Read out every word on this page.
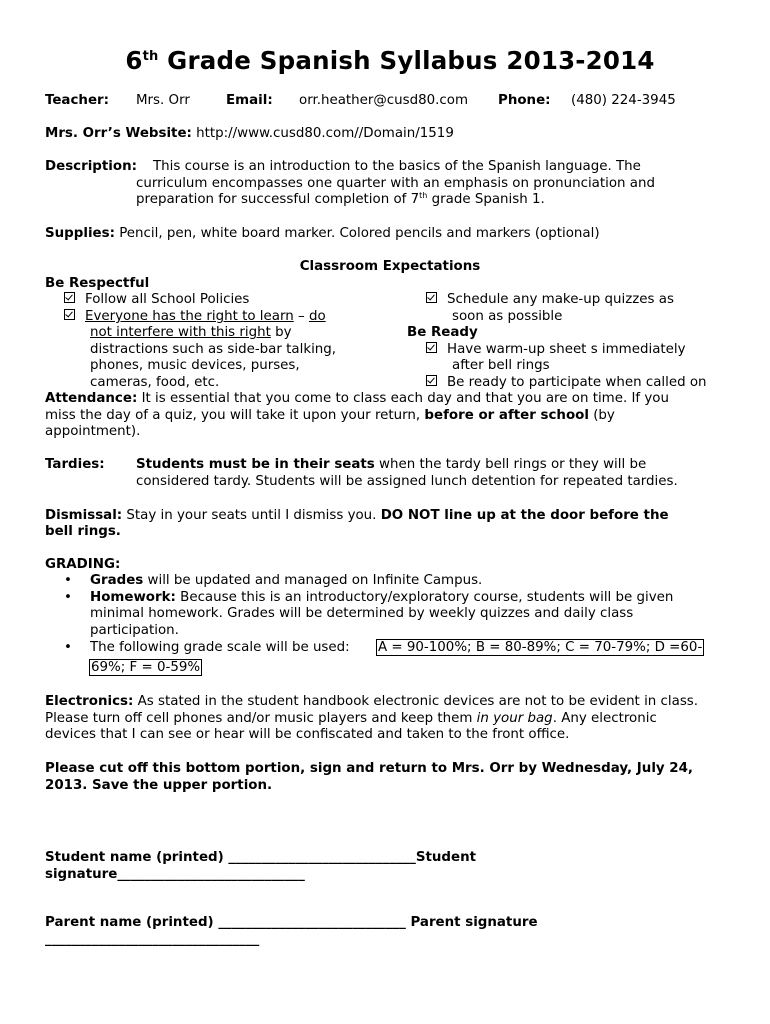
6th Grade Spanish Syllabus 2013-2014
Teacher: Mrs. Orr	Email: orr.heather@cusd80.com Phone: (480) 224-3945
Mrs. Orr’s Website: http://www.cusd80.com//Domain/1519
Description: This course is an introduction to the basics of the Spanish language. The
curriculum encompasses one quarter with an emphasis on pronunciation and
preparation for successful completion of 7th grade Spanish 1.
Supplies: Pencil, pen, white board marker. Colored pencils and markers (optional)
Classroom Expectations
Be Respectful
Follow all School Policies
Everyone has the right to learn – do
not interfere with this right by
distractions such as side-bar talking,
phones, music devices, purses,
cameras, food, etc.
Schedule any make-up quizzes as
soon as possible
Be Ready
Have warm-up sheet s immediately
after bell rings
Be ready to participate when called on
Attendance: It is essential that you come to class each day and that you are on time. If you
miss the day of a quiz, you will take it upon your return, before or after school (by
appointment).
Tardies: Students must be in their seats when the tardy bell rings or they will be
considered tardy. Students will be assigned lunch detention for repeated tardies.
Dismissal: Stay in your seats until I dismiss you. DO NOT line up at the door before the
bell rings.
GRADING:
• Grades will be updated and managed on Infinite Campus.
• Homework: Because this is an introductory/exploratory course, students will be given
minimal homework. Grades will be determined by weekly quizzes and daily class
participation.
• The following grade scale will be used: A = 90-100%; B = 80-89%; C = 70-79%; D =60-
69%; F = 0-59%
Electronics: As stated in the student handbook electronic devices are not to be evident in class.
Please turn off cell phones and/or music players and keep them in your bag. Any electronic
devices that I can see or hear will be confiscated and taken to the front office.
Please cut off this bottom portion, sign and return to Mrs. Orr by Wednesday, July 24,
2013. Save the upper portion.
Student name (printed) ____________________________Student
signature____________________________
Parent name (printed) ____________________________ Parent signature
________________________________
